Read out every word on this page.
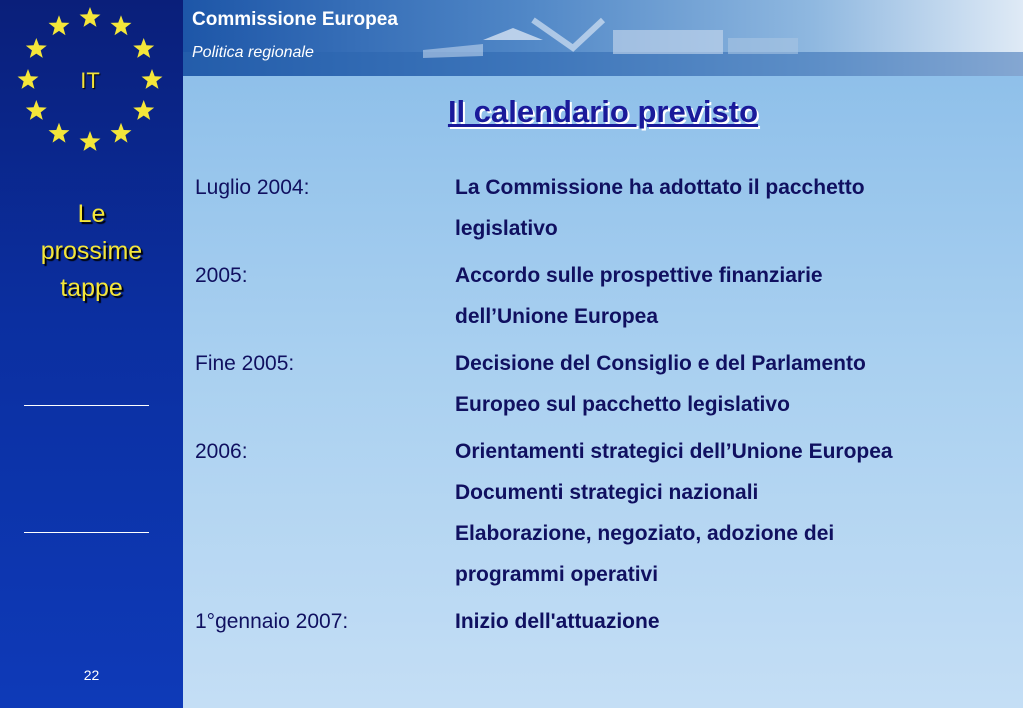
IT
Le
prossime
tappe
22
Commissione Europea
Politica regionale
Il calendario previsto
Luglio 2004:	La Commissione ha adottato il pacchetto
legislativo
2005:	Accordo sulle prospettive finanziarie
dell’Unione Europea
Fine 2005:	Decisione del Consiglio e del Parlamento
Europeo sul pacchetto legislativo
2006:	Orientamenti strategici dell’Unione Europea
Documenti strategici nazionali
Elaborazione, negoziato, adozione dei
programmi operativi
1°gennaio 2007:	Inizio dell'attuazione
